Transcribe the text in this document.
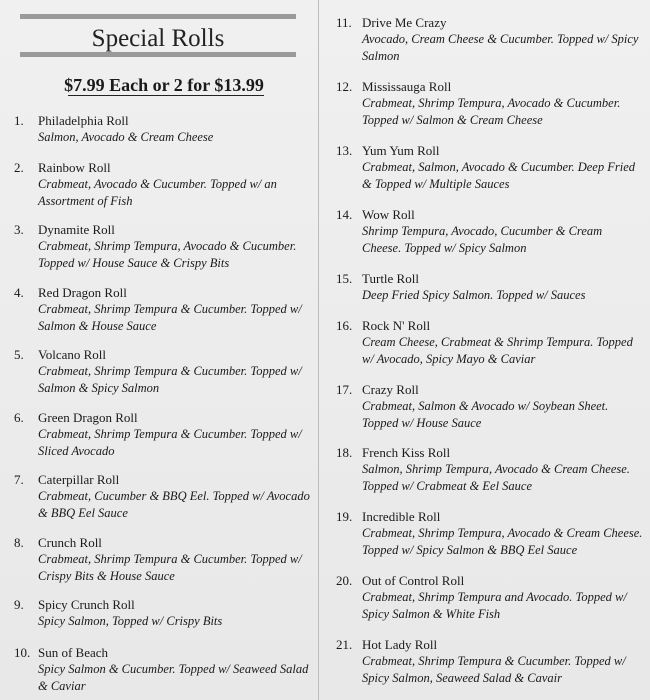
Special Rolls
$7.99 Each or 2 for $13.99
1. Philadelphia Roll
Salmon, Avocado & Cream Cheese
2. Rainbow Roll
Crabmeat, Avocado & Cucumber. Topped w/ an Assortment of Fish
3. Dynamite Roll
Crabmeat, Shrimp Tempura, Avocado & Cucumber. Topped w/ House Sauce & Crispy Bits
4. Red Dragon Roll
Crabmeat, Shrimp Tempura & Cucumber. Topped w/ Salmon & House Sauce
5. Volcano Roll
Crabmeat, Shrimp Tempura & Cucumber. Topped w/ Salmon & Spicy Salmon
6. Green Dragon Roll
Crabmeat, Shrimp Tempura & Cucumber. Topped w/ Sliced Avocado
7. Caterpillar Roll
Crabmeat, Cucumber & BBQ Eel. Topped w/ Avocado & BBQ Eel Sauce
8. Crunch Roll
Crabmeat, Shrimp Tempura & Cucumber. Topped w/ Crispy Bits & House Sauce
9. Spicy Crunch Roll
Spicy Salmon, Topped w/ Crispy Bits
10. Sun of Beach
Spicy Salmon & Cucumber. Topped w/ Seaweed Salad & Caviar
11. Drive Me Crazy
Avocado, Cream Cheese & Cucumber. Topped w/ Spicy Salmon
12. Mississauga Roll
Crabmeat, Shrimp Tempura, Avocado & Cucumber. Topped w/ Salmon & Cream Cheese
13. Yum Yum Roll
Crabmeat, Salmon, Avocado & Cucumber. Deep Fried & Topped w/ Multiple Sauces
14. Wow Roll
Shrimp Tempura, Avocado, Cucumber & Cream Cheese. Topped w/ Spicy Salmon
15. Turtle Roll
Deep Fried Spicy Salmon. Topped w/ Sauces
16. Rock N' Roll
Cream Cheese, Crabmeat & Shrimp Tempura. Topped w/ Avocado, Spicy Mayo & Caviar
17. Crazy Roll
Crabmeat, Salmon & Avocado w/ Soybean Sheet. Topped w/ House Sauce
18. French Kiss Roll
Salmon, Shrimp Tempura, Avocado & Cream Cheese. Topped w/ Crabmeat & Eel Sauce
19. Incredible Roll
Crabmeat, Shrimp Tempura, Avocado & Cream Cheese. Topped w/ Spicy Salmon & BBQ Eel Sauce
20. Out of Control Roll
Crabmeat, Shrimp Tempura and Avocado. Topped w/ Spicy Salmon & White Fish
21. Hot Lady Roll
Crabmeat, Shrimp Tempura & Cucumber. Topped w/ Spicy Salmon, Seaweed Salad & Cavair
